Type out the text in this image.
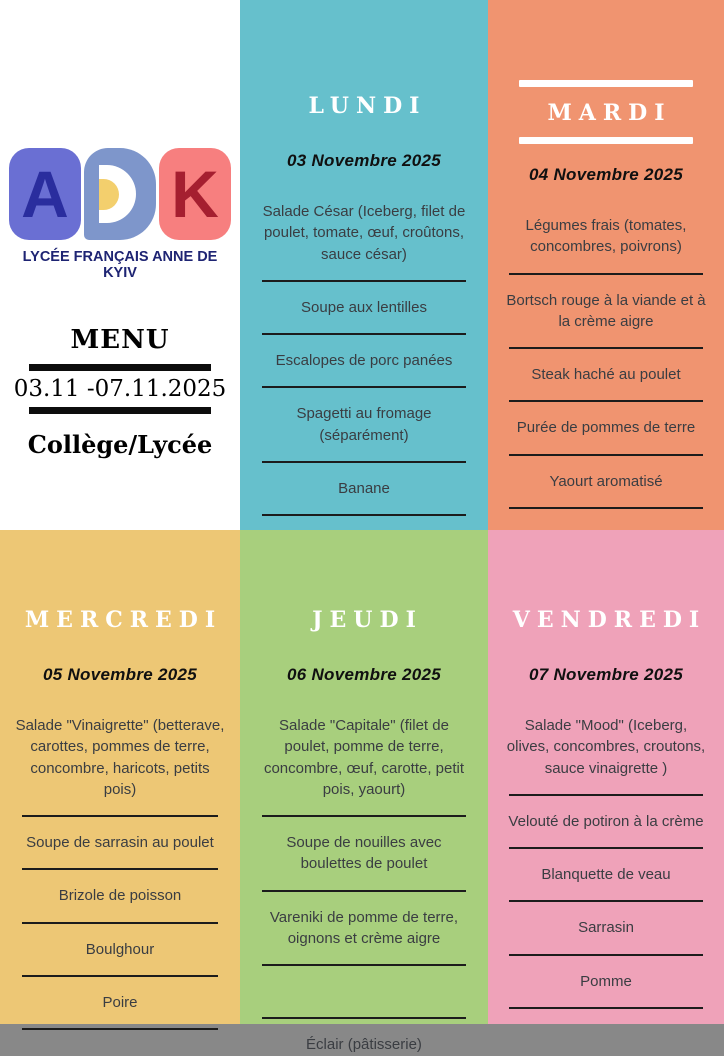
A K
LYCÉE FRANÇAIS ANNE DE KYIV
MENU
03.11 -07.11.2025
Collège/Lycée
LUNDI
03 Novembre 2025
Salade César (Iceberg, filet de poulet, tomate, œuf, croûtons, sauce césar)
Soupe aux lentilles
Escalopes de porc panées
Spagetti au fromage (séparément)
Banane
MARDI
04 Novembre 2025
Légumes frais (tomates, concombres, poivrons)
Bortsch rouge à la viande et à la crème aigre
Steak haché au poulet
Purée de pommes de terre
Yaourt aromatisé
MERCREDI
05 Novembre 2025
Salade "Vinaigrette" (betterave, carottes, pommes de terre, concombre, haricots, petits pois)
Soupe de sarrasin au poulet
Brizole de poisson
Boulghour
Poire
JEUDI
06 Novembre 2025
Salade "Capitale" (filet de poulet, pomme de terre, concombre, œuf, carotte, petit pois, yaourt)
Soupe de nouilles avec boulettes de poulet
Vareniki de pomme de terre, oignons et crème aigre
Éclair (pâtisserie)
VENDREDI
07 Novembre 2025
Salade "Mood" (Iceberg, olives, concombres, croutons, sauce vinaigrette )
Velouté de potiron à la crème
Blanquette de veau
Sarrasin
Pomme
